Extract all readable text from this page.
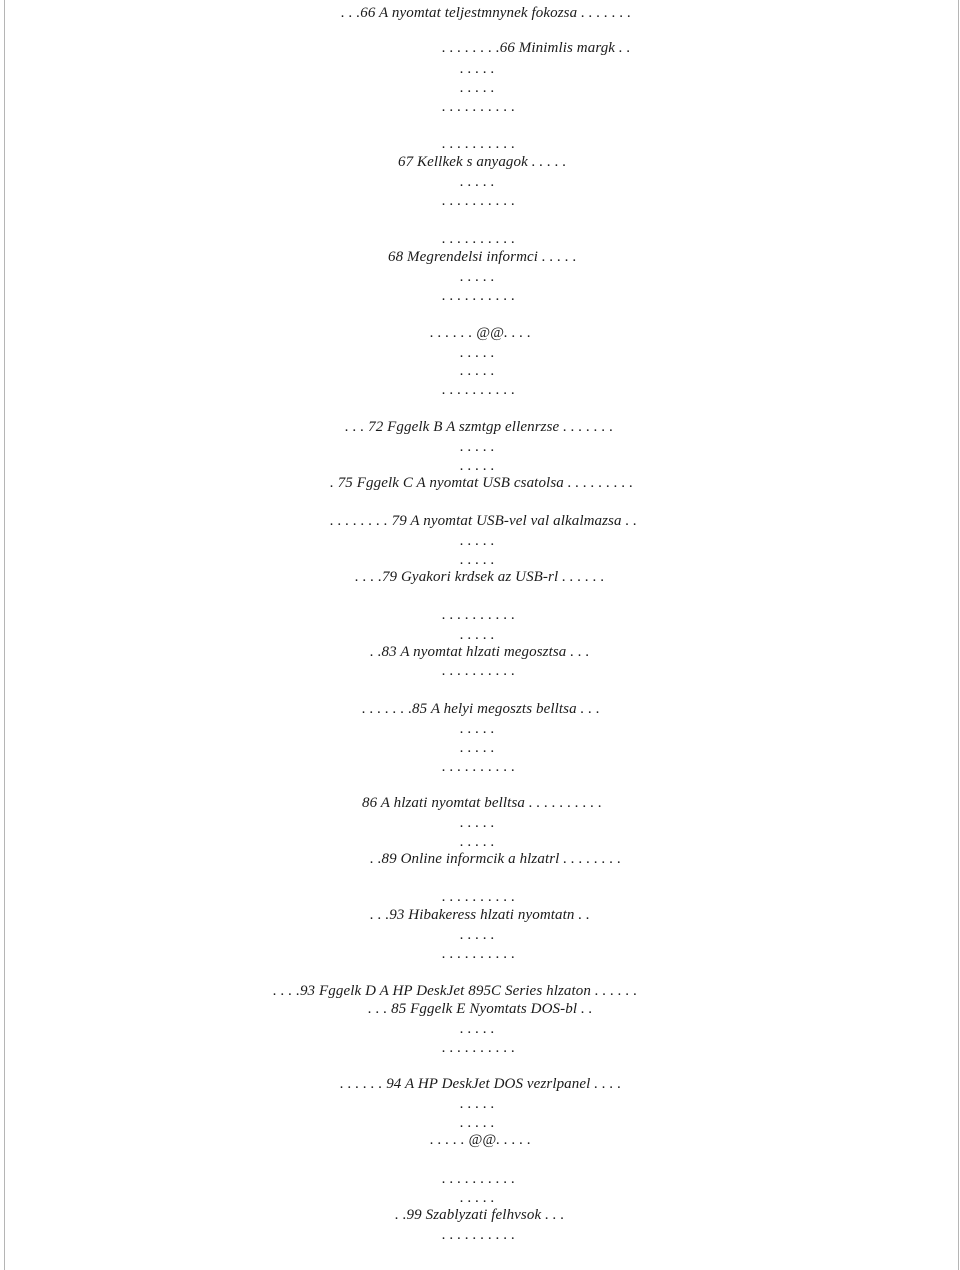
. . .66 A nyomtat teljestmnynek fokozsa . . . . . . .
. . . . . . . .66 Minimlis margk . .
. . . . .
. . . . .
. . . . . . . . . .
. . . . . . . . . .
67 Kellkek s anyagok . . . . .
. . . . .
. . . . . . . . . .
. . . . . . . . . .
68 Megrendelsi informci . . . . .
. . . . .
. . . . . . . . . .
. . . . . . @@. . . .
. . . . .
. . . . .
. . . . . . . . . .
. . . 72 Fggelk B A szmtgp ellenrzse . . . . . . .
. . . . .
. . . . .
. 75 Fggelk C A nyomtat USB csatolsa . . . . . . . . .
. . . . . . . . 79 A nyomtat USB-vel val alkalmazsa . .
. . . . .
. . . . .
. . . .79 Gyakori krdsek az USB-rl . . . . . .
. . . . . . . . . .
. . . . .
. .83 A nyomtat hlzati megosztsa . . .
. . . . . . . . . .
. . . . . . .85 A helyi megoszts belltsa . . .
. . . . .
. . . . .
. . . . . . . . . .
86 A hlzati nyomtat belltsa . . . . . . . . . .
. . . . .
. . . . .
. .89 Online informcik a hlzatrl . . . . . . . .
. . . . . . . . . .
. . .93 Hibakeress hlzati nyomtatn . .
. . . . .
. . . . . . . . . .
. . . .93 Fggelk D A HP DeskJet 895C Series hlzaton . . . . . .
. . . 85 Fggelk E Nyomtats DOS-bl . .
. . . . .
. . . . . . . . . .
. . . . . . 94 A HP DeskJet DOS vezrlpanel . . . .
. . . . .
. . . . .
. . . . . @@. . . . .
. . . . . . . . . .
. . . . .
. .99 Szablyzati felhvsok . . .
. . . . . . . . . .
